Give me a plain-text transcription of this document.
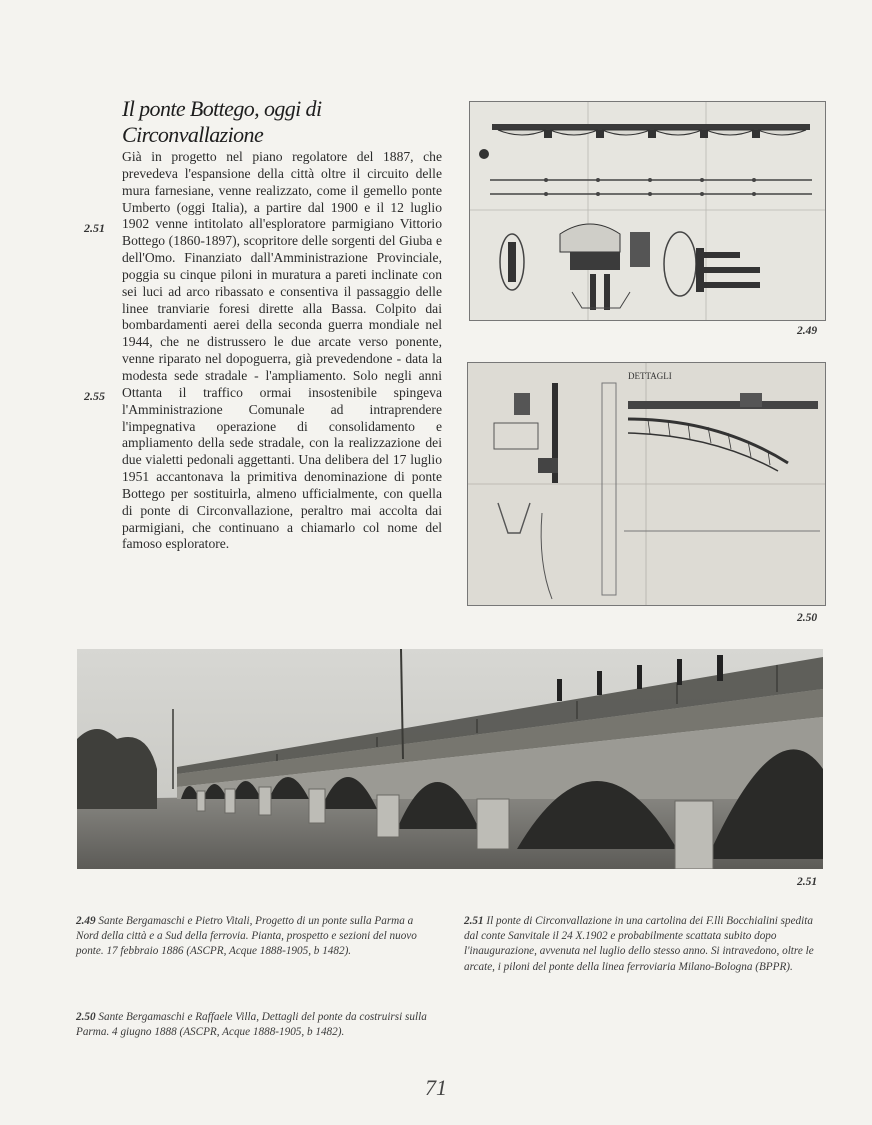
Il ponte Bottego, oggi di Circonvallazione
Già in progetto nel piano regolatore del 1887, che prevedeva l'espansione della città oltre il circuito delle mura farnesiane, venne realizzato, come il gemello ponte Umberto (oggi Italia), a partire dal 1900 e il 12 luglio 1902 venne intitolato all'esploratore parmigiano Vittorio Bottego (1860-1897), scopritore delle sorgenti del Giuba e dell'Omo. Finanziato dall'Amministrazione Provinciale, poggia su cinque piloni in muratura a pareti inclinate con sei luci ad arco ribassato e consentiva il passaggio delle linee tranviarie foresi dirette alla Bassa. Colpito dai bombardamenti aerei della seconda guerra mondiale nel 1944, che ne distrussero le due arcate verso ponente, venne riparato nel dopoguerra, già prevedendone - data la modesta sede stradale - l'ampliamento. Solo negli anni Ottanta il traffico ormai insostenibile spingeva l'Amministrazione Comunale ad intraprendere l'impegnativa operazione di consolidamento e ampliamento della sede stradale, con la realizzazione dei due vialetti pedonali aggettanti. Una delibera del 17 luglio 1951 accantonava la primitiva denominazione di ponte Bottego per sostituirla, almeno ufficialmente, con quella di ponte di Circonvallazione, peraltro mai accolta dai parmigiani, che continuano a chiamarlo col nome del famoso esploratore.
2.51
2.55
2.49
DETTAGLI
2.50
2.51
2.49 Sante Bergamaschi e Pietro Vitali, Progetto di un ponte sulla Parma a Nord della città e a Sud della ferrovia. Pianta, prospetto e sezioni del nuovo ponte. 17 febbraio 1886 (ASCPR, Acque 1888-1905, b 1482).
2.50 Sante Bergamaschi e Raffaele Villa, Dettagli del ponte da costruirsi sulla Parma. 4 giugno 1888 (ASCPR, Acque 1888-1905, b 1482).
2.51 Il ponte di Circonvallazione in una cartolina dei F.lli Bocchialini spedita dal conte Sanvitale il 24 X.1902 e probabilmente scattata subito dopo l'inaugurazione, avvenuta nel luglio dello stesso anno. Si intravedono, oltre le arcate, i piloni del ponte della linea ferroviaria Milano-Bologna (BPPR).
71
